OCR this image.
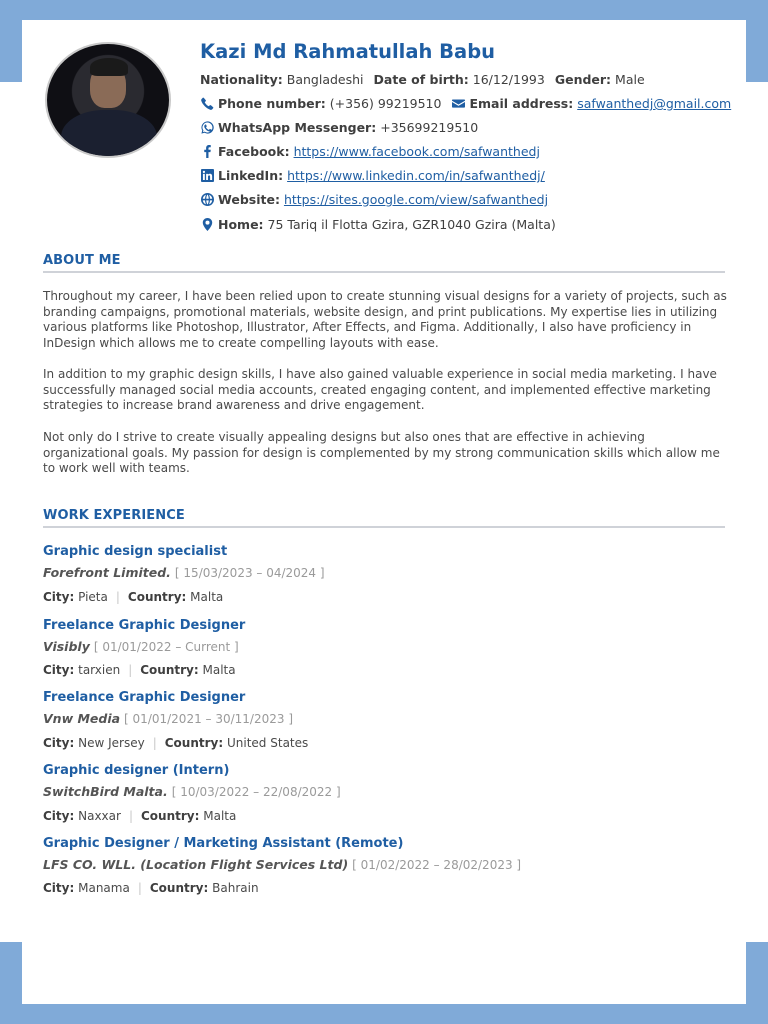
Kazi Md Rahmatullah Babu
Nationality:
Bangladeshi Date of birth:
16/12/1993 Gender:
Male
Phone number:
(+356) 99219510 Email address:
safwanthedj@gmail.com
WhatsApp Messenger:
+35699219510
Facebook:
https://www.facebook.com/safwanthedj
LinkedIn:
https://www.linkedin.com/in/safwanthedj/
Website:
https://sites.google.com/view/safwanthedj
Home:
75 Tariq il Flotta Gzira, GZR1040 Gzira (Malta)
ABOUT ME
Throughout my career, I have been relied upon to create stunning visual designs for a variety of projects, such as branding campaigns, promotional materials, website design, and print publications. My expertise lies in utilizing various platforms like Photoshop, Illustrator, After Effects, and Figma. Additionally, I also have proficiency in InDesign which allows me to create compelling layouts with ease.
In addition to my graphic design skills, I have also gained valuable experience in social media marketing. I have successfully managed social media accounts, created engaging content, and implemented effective marketing strategies to increase brand awareness and drive engagement.
Not only do I strive to create visually appealing designs but also ones that are effective in achieving organizational goals. My passion for design is complemented by my strong communication skills which allow me to work well with teams.
WORK EXPERIENCE
Graphic design specialist
Forefront Limited. [ 15/03/2023 – 04/2024 ]
City: Pieta | Country: Malta
Freelance Graphic Designer
Visibly [ 01/01/2022 – Current ]
City: tarxien | Country: Malta
Freelance Graphic Designer
Vnw Media [ 01/01/2021 – 30/11/2023 ]
City: New Jersey | Country: United States
Graphic designer (Intern)
SwitchBird Malta. [ 10/03/2022 – 22/08/2022 ]
City: Naxxar | Country: Malta
Graphic Designer / Marketing Assistant (Remote)
LFS CO. WLL. (Location Flight Services Ltd) [ 01/02/2022 – 28/02/2023 ]
City: Manama | Country: Bahrain
